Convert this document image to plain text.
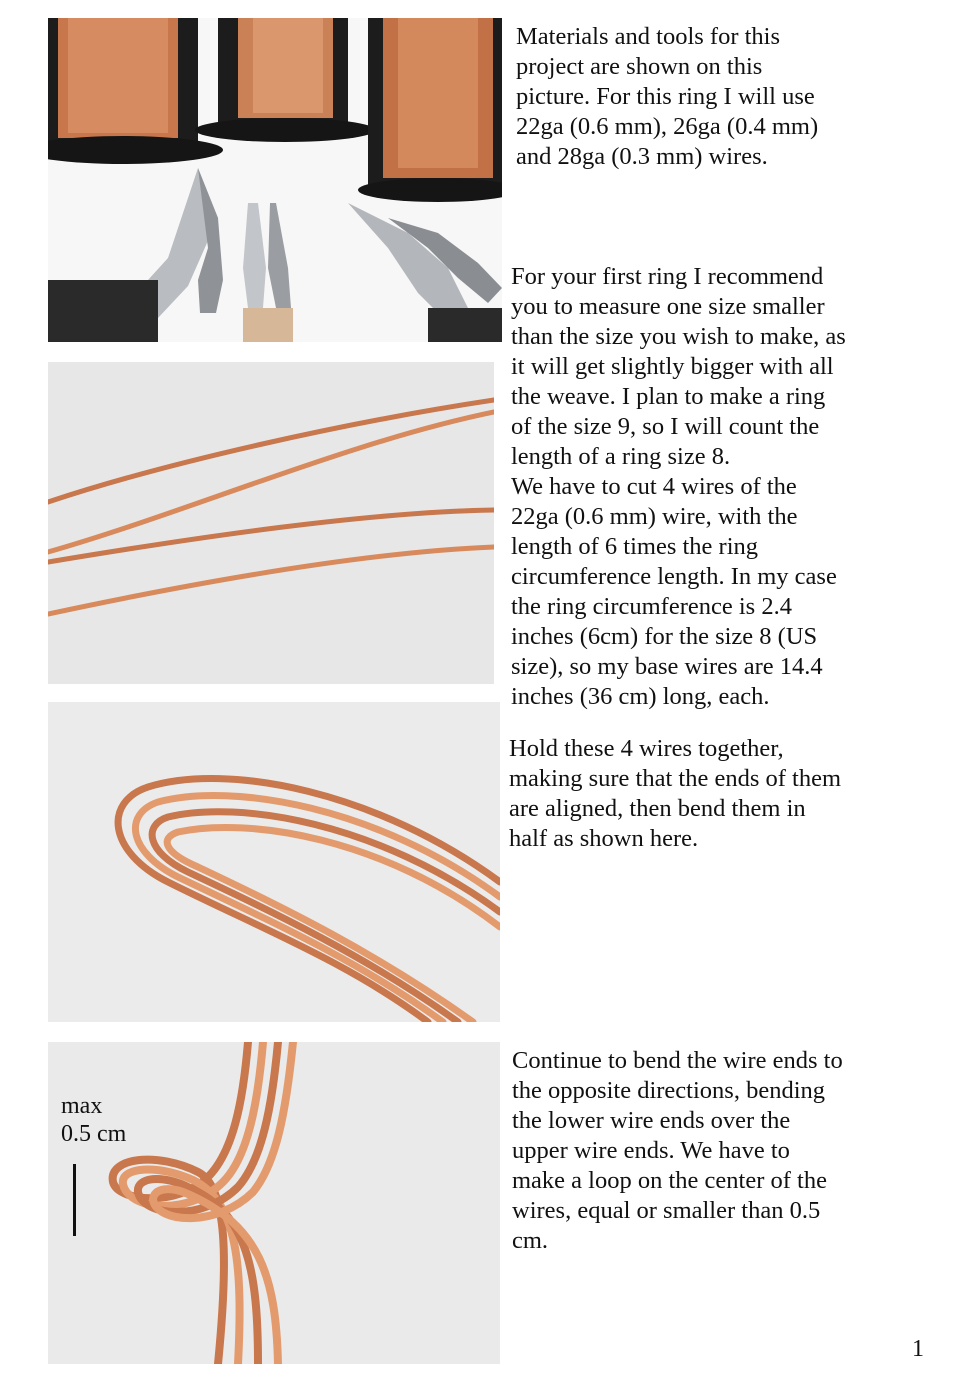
Materials and tools for this
project are shown on this
picture. For this ring I will use
22ga (0.6 mm), 26ga (0.4 mm)
and 28ga (0.3 mm) wires.
For your first ring I recommend
you to measure one size smaller
than the size you wish to make, as
it will get slightly bigger with all
the weave. I plan to make a ring
of the size 9, so I will count the
length of a ring size 8.
We have to cut 4 wires of the
22ga (0.6 mm) wire, with the
length of 6 times the ring
circumference length. In my case
the ring circumference is 2.4
inches (6cm) for the size 8 (US
size), so my base wires are 14.4
inches (36 cm) long, each.
Hold these 4 wires together,
making sure that the ends of them
are aligned, then bend them in
half as shown here.
max
0.5 cm
Continue to bend the wire ends to
the opposite directions, bending
the lower wire ends over the
upper wire ends. We have to
make a loop on the center of the
wires, equal or smaller than 0.5
cm.
1
